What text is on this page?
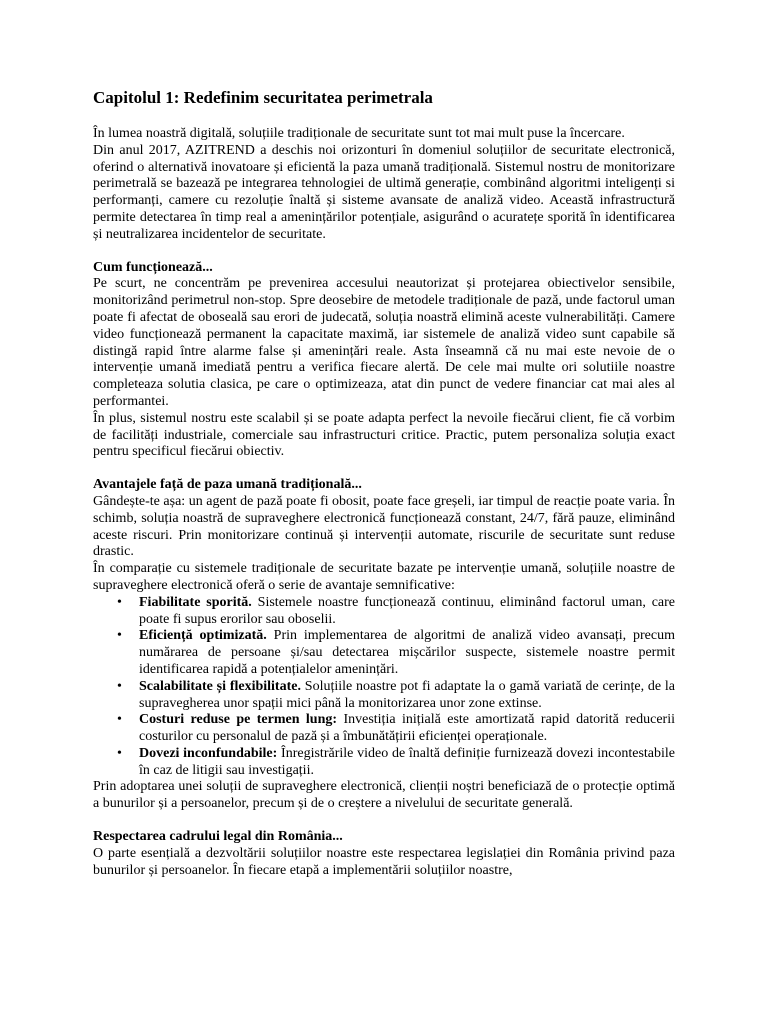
Capitolul 1: Redefinim securitatea perimetrala

În lumea noastră digitală, soluțiile tradiționale de securitate sunt tot mai mult puse la încercare.

Din anul 2017, AZITREND a deschis noi orizonturi în domeniul soluțiilor de securitate electronică, oferind o alternativă inovatoare și eficientă la paza umană tradițională. Sistemul nostru de monitorizare perimetrală se bazează pe integrarea tehnologiei de ultimă generație, combinând algoritmi inteligenți si performanți, camere cu rezoluție înaltă și sisteme avansate de analiză video. Această infrastructură permite detectarea în timp real a amenințărilor potențiale, asigurând o acuratețe sporită în identificarea și neutralizarea incidentelor de securitate.

Cum funcționează...

Pe scurt, ne concentrăm pe prevenirea accesului neautorizat și protejarea obiectivelor sensibile, monitorizând perimetrul non-stop. Spre deosebire de metodele tradiționale de pază, unde factorul uman poate fi afectat de oboseală sau erori de judecată, soluția noastră elimină aceste vulnerabilități. Camere video funcționează permanent la capacitate maximă, iar sistemele de analiză video sunt capabile să distingă rapid între alarme false și amenințări reale. Asta înseamnă că nu mai este nevoie de o intervenție umană imediată pentru a verifica fiecare alertă. De cele mai multe ori solutiile noastre completeaza solutia clasica, pe care o optimizeaza, atat din punct de vedere financiar cat mai ales al performantei.

În plus, sistemul nostru este scalabil și se poate adapta perfect la nevoile fiecărui client, fie că vorbim de facilități industriale, comerciale sau infrastructuri critice. Practic, putem personaliza soluția exact pentru specificul fiecărui obiectiv.

Avantajele față de paza umană tradițională...

Gândește-te așa: un agent de pază poate fi obosit, poate face greșeli, iar timpul de reacție poate varia. În schimb, soluția noastră de supraveghere electronică funcționează constant, 24/7, fără pauze, eliminând aceste riscuri. Prin monitorizare continuă și intervenții automate, riscurile de securitate sunt reduse drastic.

În comparație cu sistemele tradiționale de securitate bazate pe intervenție umană, soluțiile noastre de supraveghere electronică oferă o serie de avantaje semnificative:

• Fiabilitate sporită. Sistemele noastre funcționează continuu, eliminând factorul uman, care poate fi supus erorilor sau oboselii.
• Eficiență optimizată. Prin implementarea de algoritmi de analiză video avansați, precum numărarea de persoane și/sau detectarea mișcărilor suspecte, sistemele noastre permit identificarea rapidă a potențialelor amenințări.
• Scalabilitate și flexibilitate. Soluțiile noastre pot fi adaptate la o gamă variată de cerințe, de la supravegherea unor spații mici până la monitorizarea unor zone extinse.
• Costuri reduse pe termen lung: Investiția inițială este amortizată rapid datorită reducerii costurilor cu personalul de pază și a îmbunătățirii eficienței operaționale.
• Dovezi inconfundabile: Înregistrările video de înaltă definiție furnizează dovezi incontestabile în caz de litigii sau investigații.

Prin adoptarea unei soluții de supraveghere electronică, clienții noștri beneficiază de o protecție optimă a bunurilor și a persoanelor, precum și de o creștere a nivelului de securitate generală.

Respectarea cadrului legal din România...

O parte esențială a dezvoltării soluțiilor noastre este respectarea legislației din România privind paza bunurilor și persoanelor. În fiecare etapă a implementării soluțiilor noastre,
